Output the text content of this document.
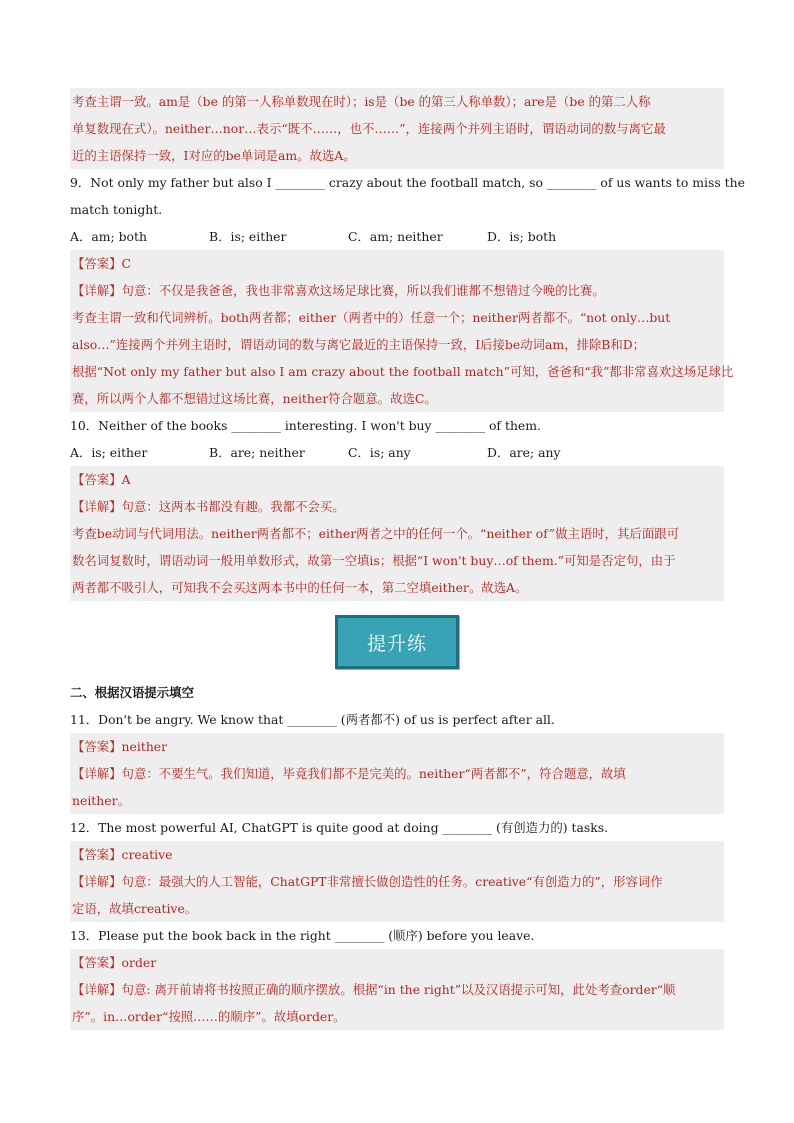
考查主谓一致。am是（be 的第一人称单数现在时）；is是（be 的第三人称单数）；are是（be 的第二人称
单复数现在式）。neither…nor…表示“既不……，也不……”，连接两个并列主语时，谓语动词的数与离它最
近的主语保持一致，I对应的be单词是am。故选A。
9．Not only my father but also I ________ crazy about the football match, so ________ of us wants to miss the
match tonight.
A．am; both	B．is; either	C．am; neither	D．is; both
【答案】C
【详解】句意：不仅是我爸爸，我也非常喜欢这场足球比赛，所以我们谁都不想错过今晚的比赛。
考查主谓一致和代词辨析。both两者都；either（两者中的）任意一个；neither两者都不。“not only…but
also…”连接两个并列主语时，谓语动词的数与离它最近的主语保持一致，I后接be动词am，排除B和D；
根据“Not only my father but also I am crazy about the football match”可知，爸爸和“我”都非常喜欢这场足球比
赛，所以两个人都不想错过这场比赛，neither符合题意。故选C。
10．Neither of the books ________ interesting. I won't buy ________ of them.
A．is; either	B．are; neither	C．is; any	D．are; any
【答案】A
【详解】句意：这两本书都没有趣。我都不会买。
考查be动词与代词用法。neither两者都不；either两者之中的任何一个。“neither of”做主语时，其后面跟可
数名词复数时，谓语动词一般用单数形式，故第一空填is；根据“I won't buy…of them.”可知是否定句，由于
两者都不吸引人，可知我不会买这两本书中的任何一本，第二空填either。故选A。
提升练
二、根据汉语提示填空
11．Don't be angry. We know that ________ (两者都不) of us is perfect after all.
【答案】neither
【详解】句意：不要生气。我们知道，毕竟我们都不是完美的。neither“两者都不”，符合题意，故填
neither。
12．The most powerful AI, ChatGPT is quite good at doing ________ (有创造力的) tasks.
【答案】creative
【详解】句意：最强大的人工智能，ChatGPT非常擅长做创造性的任务。creative“有创造力的”，形容词作
定语，故填creative。
13．Please put the book back in the right ________ (顺序) before you leave.
【答案】order
【详解】句意: 离开前请将书按照正确的顺序摆放。根据“in the right”以及汉语提示可知，此处考查order“顺
序”。in…order“按照……的顺序”。故填order。
